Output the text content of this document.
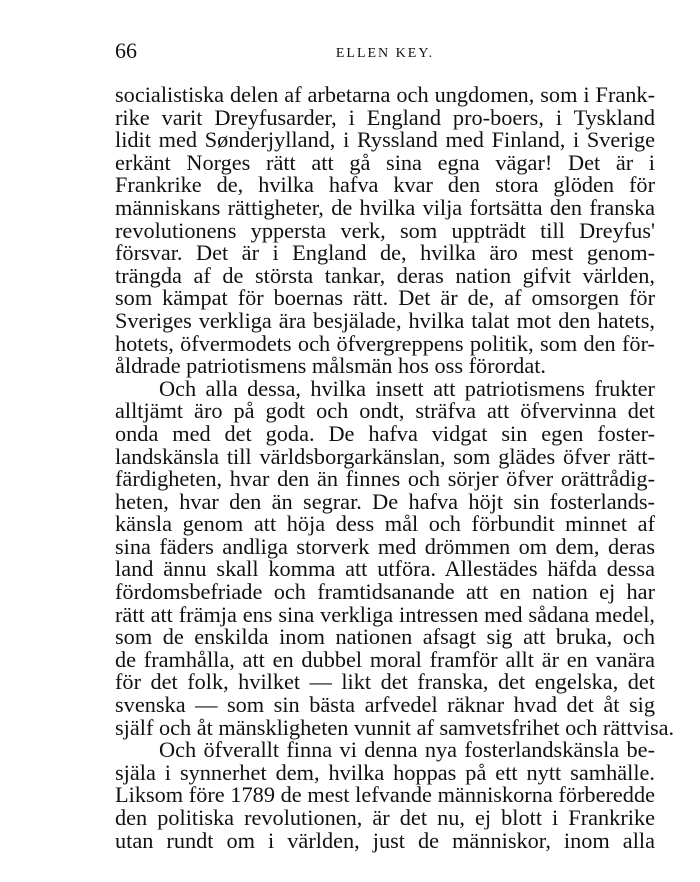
66	ELLEN KEY.
socialistiska delen af arbetarna och ungdomen, som i Frank-
rike varit Dreyfusarder, i England pro-boers, i Tyskland
lidit med Sønderjylland, i Ryssland med Finland, i Sverige
erkänt Norges rätt att gå sina egna vägar! Det är i
Frankrike de, hvilka hafva kvar den stora glöden för
människans rättigheter, de hvilka vilja fortsätta den franska
revolutionens yppersta verk, som uppträdt till Dreyfus'
försvar. Det är i England de, hvilka äro mest genom-
trängda af de största tankar, deras nation gifvit världen,
som kämpat för boernas rätt. Det är de, af omsorgen för
Sveriges verkliga ära besjälade, hvilka talat mot den hatets,
hotets, öfvermodets och öfvergreppens politik, som den för-
åldrade patriotismens målsmän hos oss förordat.
Och alla dessa, hvilka insett att patriotismens frukter
alltjämt äro på godt och ondt, sträfva att öfvervinna det
onda med det goda. De hafva vidgat sin egen foster-
landskänsla till världsborgarkänslan, som glädes öfver rätt-
färdigheten, hvar den än finnes och sörjer öfver orättrådig-
heten, hvar den än segrar. De hafva höjt sin fosterlands-
känsla genom att höja dess mål och förbundit minnet af
sina fäders andliga storverk med drömmen om dem, deras
land ännu skall komma att utföra. Allestädes häfda dessa
fördomsbefriade och framtidsanande att en nation ej har
rätt att främja ens sina verkliga intressen med sådana medel,
som de enskilda inom nationen afsagt sig att bruka, och
de framhålla, att en dubbel moral framför allt är en vanära
för det folk, hvilket — likt det franska, det engelska, det
svenska — som sin bästa arfvedel räknar hvad det åt sig
själf och åt mänskligheten vunnit af samvetsfrihet och rättvisa.
Och öfverallt finna vi denna nya fosterlandskänsla be-
själa i synnerhet dem, hvilka hoppas på ett nytt samhälle.
Liksom före 1789 de mest lefvande människorna förberedde
den politiska revolutionen, är det nu, ej blott i Frankrike
utan rundt om i världen, just de människor, inom alla
